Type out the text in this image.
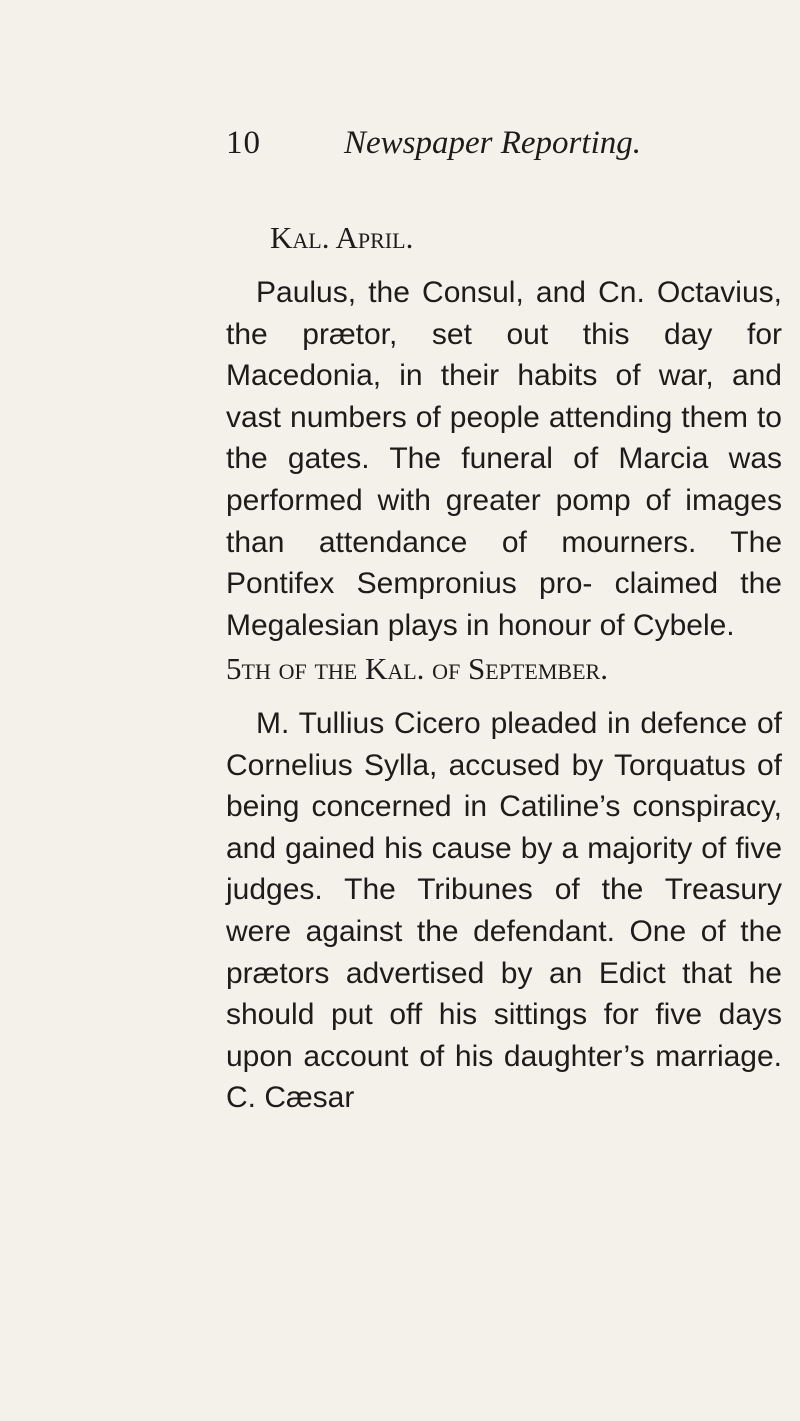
10	Newspaper Reporting.
Kal. April.

Paulus, the Consul, and Cn. Octavius, the prætor, set out this day for Macedonia, in their habits of war, and vast numbers of people attending them to the gates. The funeral of Marcia was performed with greater pomp of images than attendance of mourners. The Pontifex Sempronius pro- claimed the Megalesian plays in honour of Cybele.

5th of the Kal. of September.

M. Tullius Cicero pleaded in defence of Cornelius Sylla, accused by Torquatus of being concerned in Catiline’s conspiracy, and gained his cause by a majority of five judges. The Tribunes of the Treasury were against the defendant. One of the prætors advertised by an Edict that he should put off his sittings for five days upon account of his daughter’s marriage. C. Cæsar
